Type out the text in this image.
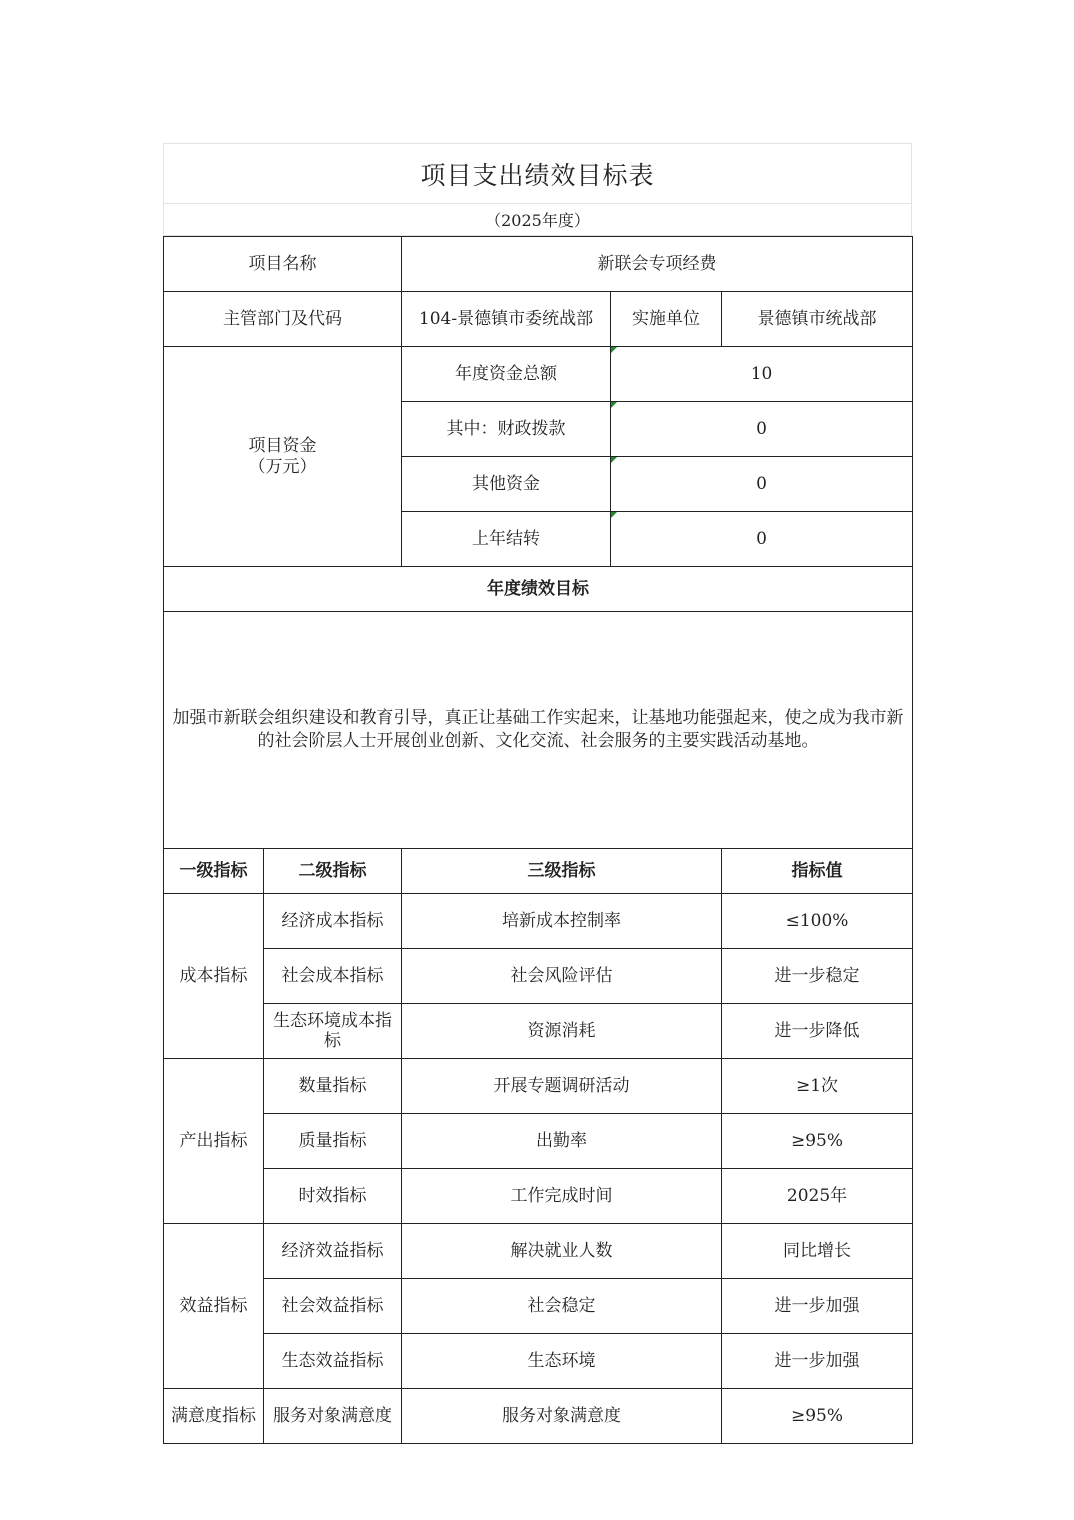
项目支出绩效目标表
（2025年度）
项目名称		新联会专项经费		
主管部门及代码		104-景德镇市委统战部	实施单位	景德镇市统战部

项目资金
（万元）		年度资金总额	10	
		其中：财政拨款	0	
		其他资金	0	
		上年结转	0	
年度绩效目标				
加强市新联会组织建设和教育引导，真正让基础工作实起来，让基地功能强起来，使之成为我市新的社会阶层人士开展创业创新、文化交流、社会服务的主要实践活动基地。				
一级指标	二级指标	三级指标		指标值
成本指标	经济成本指标	培新成本控制率		≤100%
	社会成本指标	社会风险评估		进一步稳定
	生态环境成本指标	资源消耗		进一步降低
产出指标	数量指标	开展专题调研活动		≥1次
	质量指标	出勤率		≥95%
	时效指标	工作完成时间		2025年
效益指标	经济效益指标	解决就业人数		同比增长
	社会效益指标	社会稳定		进一步加强
	生态效益指标	生态环境		进一步加强
满意度指标	服务对象满意度	服务对象满意度		≥95%
